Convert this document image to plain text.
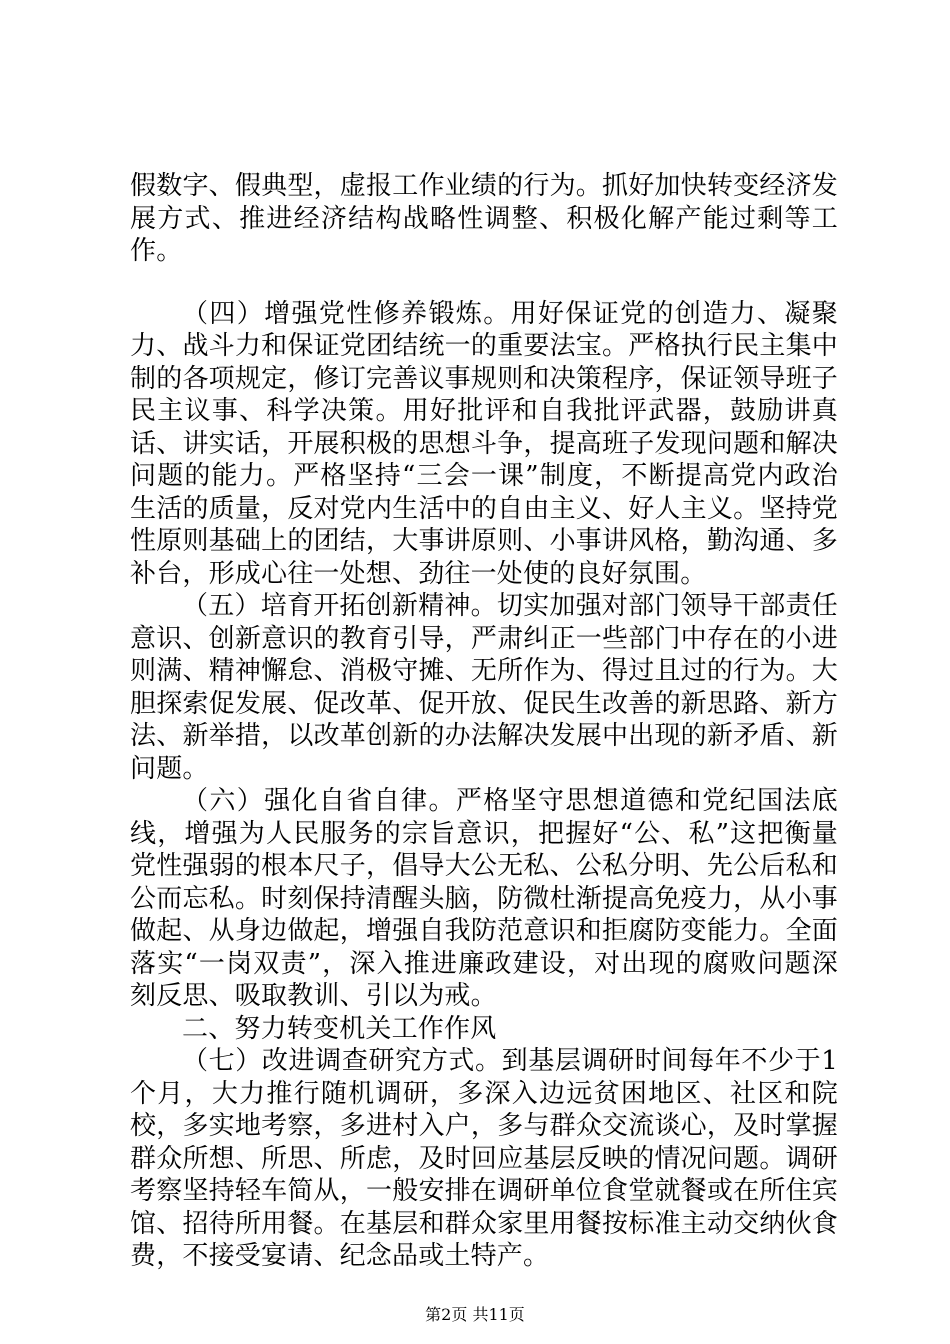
假数字、假典型，虚报工作业绩的行为。抓好加快转变经济发展方式、推进经济结构战略性调整、积极化解产能过剩等工作。

（四）增强党性修养锻炼。用好保证党的创造力、凝聚力、战斗力和保证党团结统一的重要法宝。严格执行民主集中制的各项规定，修订完善议事规则和决策程序，保证领导班子民主议事、科学决策。用好批评和自我批评武器，鼓励讲真话、讲实话，开展积极的思想斗争，提高班子发现问题和解决问题的能力。严格坚持“三会一课”制度，不断提高党内政治生活的质量，反对党内生活中的自由主义、好人主义。坚持党性原则基础上的团结，大事讲原则、小事讲风格，勤沟通、多补台，形成心往一处想、劲往一处使的良好氛围。

（五）培育开拓创新精神。切实加强对部门领导干部责任意识、创新意识的教育引导，严肃纠正一些部门中存在的小进则满、精神懈怠、消极守摊、无所作为、得过且过的行为。大胆探索促发展、促改革、促开放、促民生改善的新思路、新方法、新举措，以改革创新的办法解决发展中出现的新矛盾、新问题。

（六）强化自省自律。严格坚守思想道德和党纪国法底线，增强为人民服务的宗旨意识，把握好“公、私”这把衡量党性强弱的根本尺子，倡导大公无私、公私分明、先公后私和公而忘私。时刻保持清醒头脑，防微杜渐提高免疫力，从小事做起、从身边做起，增强自我防范意识和拒腐防变能力。全面落实“一岗双责”，深入推进廉政建设，对出现的腐败问题深刻反思、吸取教训、引以为戒。

二、努力转变机关工作作风

（七）改进调查研究方式。到基层调研时间每年不少于1个月，大力推行随机调研，多深入边远贫困地区、社区和院校，多实地考察，多进村入户，多与群众交流谈心，及时掌握群众所想、所思、所虑，及时回应基层反映的情况问题。调研考察坚持轻车简从，一般安排在调研单位食堂就餐或在所住宾馆、招待所用餐。在基层和群众家里用餐按标准主动交纳伙食费，不接受宴请、纪念品或土特产。

第2页 共11页
